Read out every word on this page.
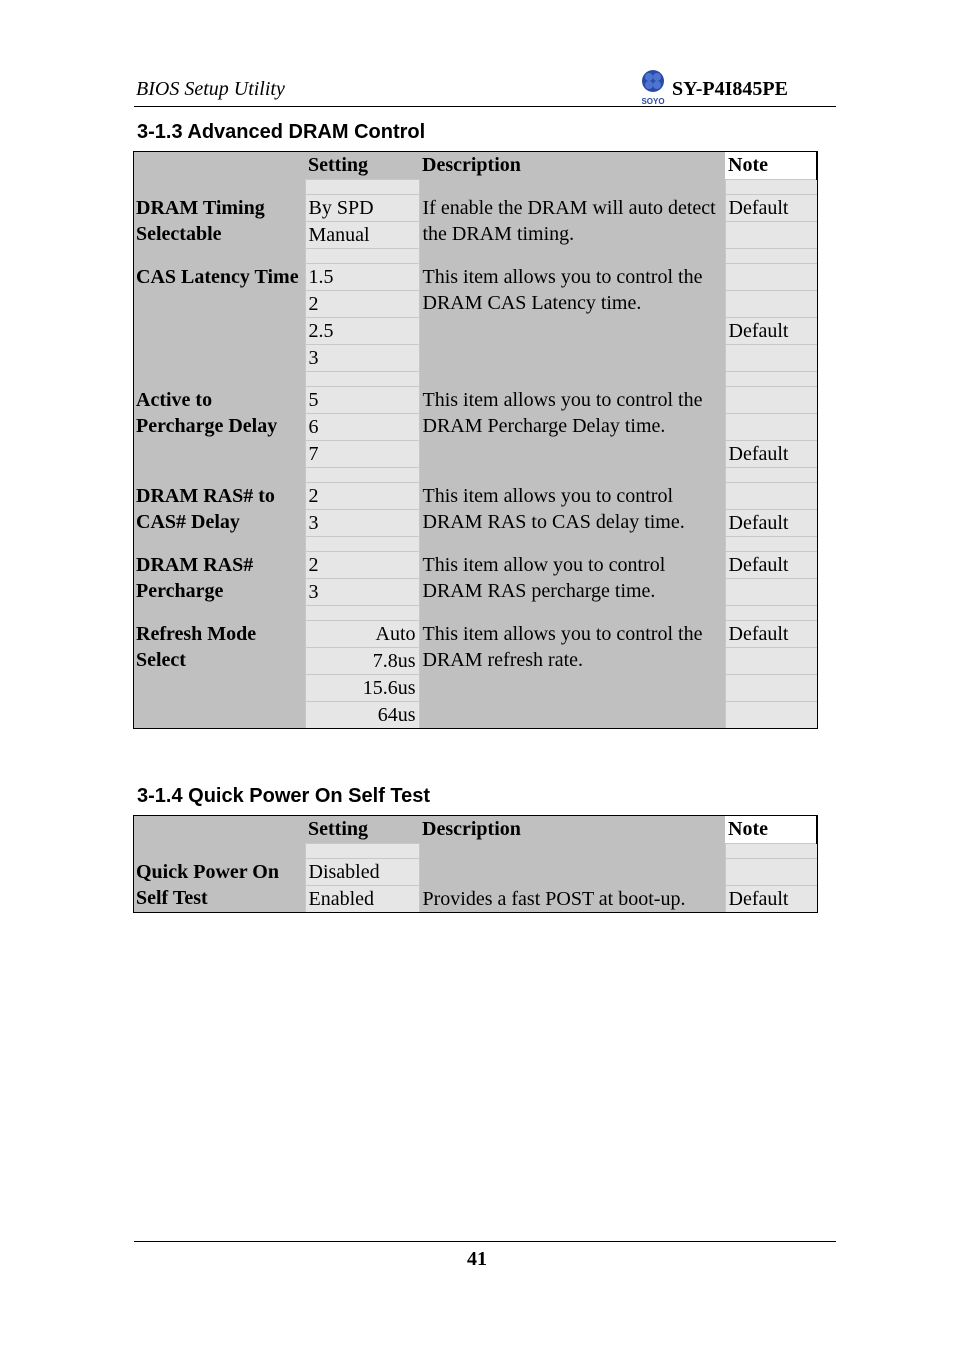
BIOS Setup Utility
SOYO
SY-P4I845PE
3-1.3 Advanced DRAM Control
	Setting	Description	Note

DRAM Timing Selectable	By SPD	If enable the DRAM will auto detect the DRAM timing.	Default
	Manual		

CAS Latency Time	1.5	This item allows you to control the DRAM CAS Latency time.	
	2		
	2.5		Default
	3		

Active to Percharge Delay	5	This item allows you to control the DRAM Percharge Delay time.	
	6		
	7		Default

DRAM RAS# to CAS# Delay	2	This item allows you to control DRAM RAS to CAS delay time.	
	3		Default

DRAM RAS# Percharge	2	This item allow you to control DRAM RAS percharge time.	Default
	3		

Refresh Mode Select	Auto	This item allows you to control the DRAM refresh rate.	Default
	7.8us		
	15.6us		
	64us		
3-1.4 Quick Power On Self Test
	Setting	Description	Note

Quick Power On Self Test	Disabled		
	Enabled	Provides a fast POST at boot-up.	Default
41
